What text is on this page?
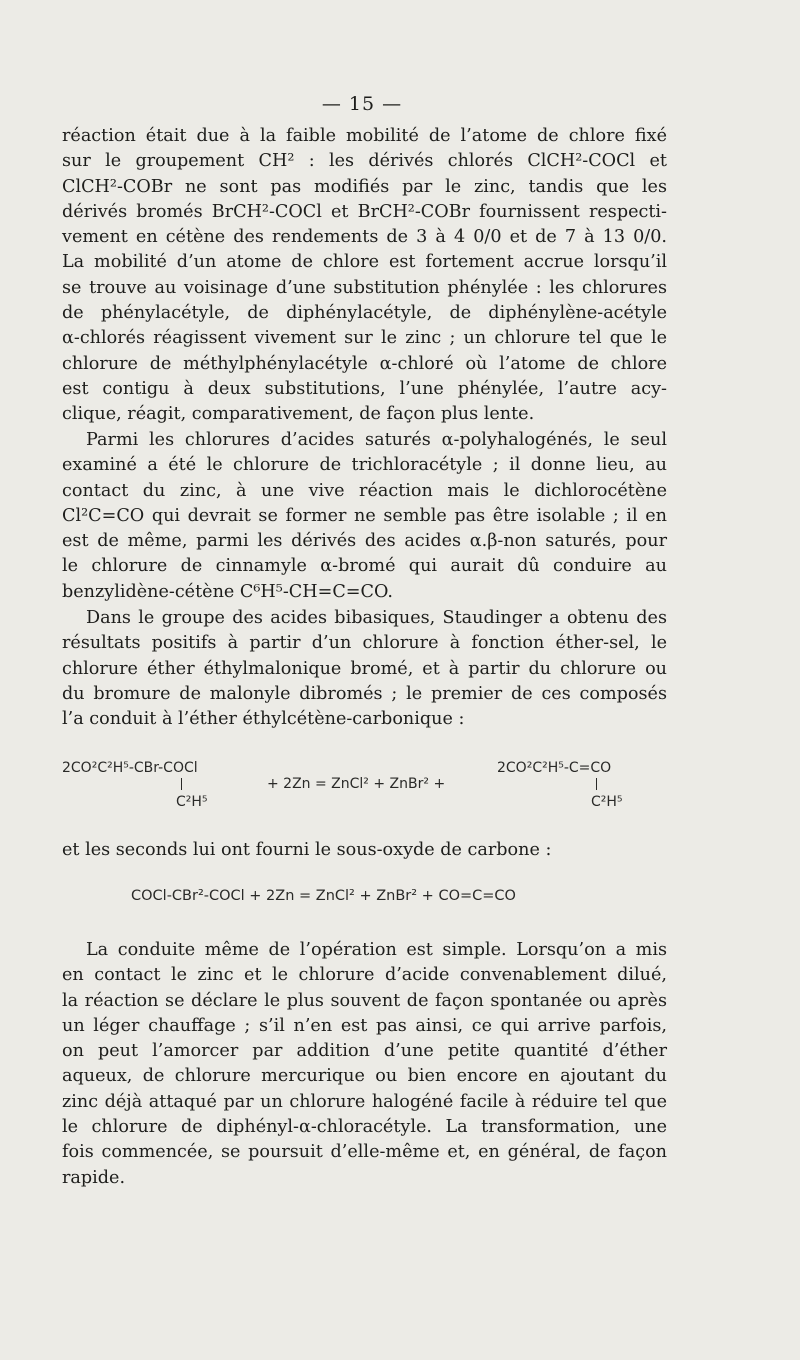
— 15 —
réaction était due à la faible mobilité de l’atome de chlore fixé
sur le groupement CH² : les dérivés chlorés ClCH²-COCl et
ClCH²-COBr ne sont pas modifiés par le zinc, tandis que les
dérivés bromés BrCH²-COCl et BrCH²-COBr fournissent respecti-
vement en cétène des rendements de 3 à 4 0/0 et de 7 à 13 0/0.
La mobilité d’un atome de chlore est fortement accrue lorsqu’il
se trouve au voisinage d’une substitution phénylée : les chlorures
de phénylacétyle, de diphénylacétyle, de diphénylène-acétyle
α-chlorés réagissent vivement sur le zinc ; un chlorure tel que le
chlorure de méthylphénylacétyle α-chloré où l’atome de chlore
est contigu à deux substitutions, l’une phénylée, l’autre acy-
clique, réagit, comparativement, de façon plus lente.
Parmi les chlorures d’acides saturés α-polyhalogénés, le seul
examiné a été le chlorure de trichloracétyle ; il donne lieu, au
contact du zinc, à une vive réaction mais le dichlorocétène
Cl²C=CO qui devrait se former ne semble pas être isolable ; il en
est de même, parmi les dérivés des acides α.β-non saturés, pour
le chlorure de cinnamyle α-bromé qui aurait dû conduire au
benzylidène-cétène C⁶H⁵-CH=C=CO.
Dans le groupe des acides bibasiques, Staudinger a obtenu des
résultats positifs à partir d’un chlorure à fonction éther-sel, le
chlorure éther éthylmalonique bromé, et à partir du chlorure ou
du bromure de malonyle dibromés ; le premier de ces composés
l’a conduit à l’éther éthylcétène-carbonique :
2CO²C²H⁵-CBr-COCl
C²H⁵
+ 2Zn = ZnCl² + ZnBr² +
2CO²C²H⁵-C=CO
C²H⁵
et les seconds lui ont fourni le sous-oxyde de carbone :
COCl-CBr²-COCl + 2Zn = ZnCl² + ZnBr² + CO=C=CO
La conduite même de l’opération est simple. Lorsqu’on a mis
en contact le zinc et le chlorure d’acide convenablement dilué,
la réaction se déclare le plus souvent de façon spontanée ou après
un léger chauffage ; s’il n’en est pas ainsi, ce qui arrive parfois,
on peut l’amorcer par addition d’une petite quantité d’éther
aqueux, de chlorure mercurique ou bien encore en ajoutant du
zinc déjà attaqué par un chlorure halogéné facile à réduire tel que
le chlorure de diphényl-α-chloracétyle. La transformation, une
fois commencée, se poursuit d’elle-même et, en général, de façon
rapide.
